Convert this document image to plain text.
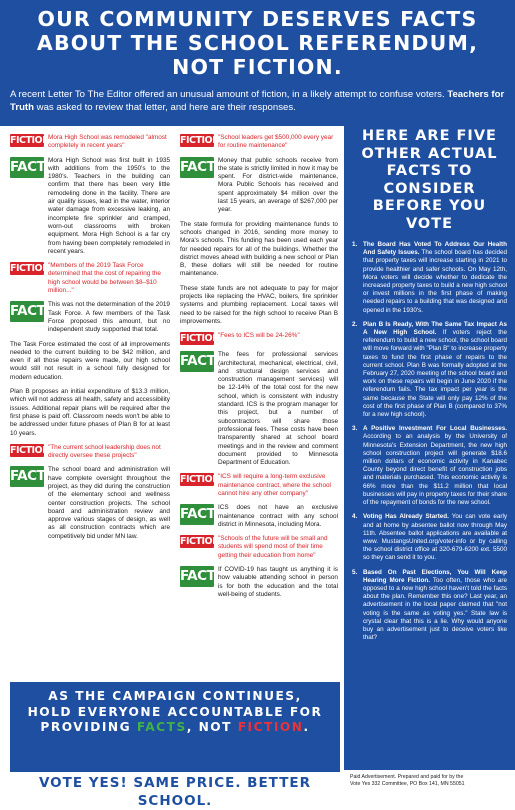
OUR COMMUNITY DESERVES FACTS ABOUT THE SCHOOL REFERENDUM, NOT FICTION.
A recent Letter To The Editor offered an unusual amount of fiction, in a likely attempt to confuse voters. Teachers for Truth was asked to review that letter, and here are their responses.
FICTION
Mora High School was remodeled "almost completely in recent years"
FACT Mora High School was first built in 1935 with additions from the 1950's to the 1980's. Teachers in the building can confirm that there has been very little remodeling done in the facility. There are air quality issues, lead in the water, interior water damage from excessive leaking, an incomplete fire sprinkler and cramped, worn-out classrooms with broken equipment. Mora High School is a far cry from having been completely remodeled in recent years.
FICTION
"Members of the 2019 Task Force determined that the cost of repairing the high school would be between $8–$10 million..."
FACT This was not the determination of the 2019 Task Force. A few members of the Task Force proposed this amount, but no independent study supported that total.

The Task Force estimated the cost of all improvements needed to the current building to be $42 million, and even if all those repairs were made, our high school would still not result in a school fully designed for modern education.

Plan B proposes an initial expenditure of $13.3 million, which will not address all health, safety and accessibility issues. Additional repair plans will be required after the first phase is paid off. Classroom needs won't be able to be addressed under future phases of Plan B for at least 10 years.

FICTION
"The current school leadership does not directly oversee these projects"
FACT The school board and administration will have complete oversight throughout the project, as they did during the construction of the elementary school and wellness center construction projects. The school board and administration review and approve various stages of design, as well as all construction contracts which are competitively bid under MN law.
FICTION
"School leaders get $500,000 every year for routine maintenance"
FACT Money that public schools receive from the state is strictly limited in how it may be spent. For district-wide maintenance, Mora Public Schools has received and spent approximately $4 million over the last 15 years, an average of $267,000 per year.

The state formula for providing maintenance funds to schools changed in 2016, sending more money to Mora's schools. This funding has been used each year for needed repairs for all of the buildings. Whether the district moves ahead with building a new school or Plan B, these dollars will still be needed for routine maintenance.

These state funds are not adequate to pay for major projects like replacing the HVAC, boilers, fire sprinkler systems and plumbing replacement. Local taxes will need to be raised for the high school to receive Plan B improvements.

FICTION
"Fees to ICS will be 24-26%"
FACT The fees for professional services (architectural, mechanical, electrical, civil, and structural design services and construction management services) will be 12-14% of the total cost for the new school, which is consistent with industry standard. ICS is the program manager for this project, but a number of subcontractors will share those professional fees. These costs have been transparently shared at school board meetings and in the review and comment document provided to Minnesota Department of Education.
FICTION
"ICS will require a long-term exclusive maintenance contract, where the school cannot hire any other company"
FACT ICS does not have an exclusive maintenance contract with any school district in Minnesota, including Mora.
FICTION
"Schools of the future will be small and students will spend most of their time getting their education from home"
FACT If COVID-19 has taught us anything it is how valuable attending school in person is for both the education and the total well-being of students.
HERE ARE FIVE OTHER ACTUAL FACTS TO CONSIDER BEFORE YOU VOTE
1. The Board Has Voted To Address Our Health And Safety Issues. The school board has decided that property taxes will increase starting in 2021 to provide healthier and safer schools. On May 12th, Mora voters will decide whether to dedicate the increased property taxes to build a new high school or invest millions in the first phase of making needed repairs to a building that was designed and opened in the 1930's.
2. Plan B Is Ready, With The Same Tax Impact As A New High School. If voters reject the referendum to build a new school, the school board will move forward with "Plan B" to increase property taxes to fund the first phase of repairs to the current school. Plan B was formally adopted at the February 27, 2020 meeting of the school board and work on these repairs will begin in June 2020 if the referendum fails. The tax impact per year is the same because the State will only pay 12% of the cost of the first phase of Plan B (compared to 37% for a new high school).
3. A Positive Investment For Local Businesses. According to an analysis by the University of Minnesota's Extension Department, the new high school construction project will generate $18.6 million dollars of economic activity in Kanabec County beyond direct benefit of construction jobs and materials purchased. This economic activity is 66% more than the $11.2 million that local businesses will pay in property taxes for their share of the repayment of bonds for the new school.
4. Voting Has Already Started. You can vote early and at home by absentee ballot now through May 11th. Absentee ballot applications are available at www. MustangsUnited.org/voter-info or by calling the school district office at 320-679-6200 ext. 5500 so they can send it to you.
5. Based On Past Elections, You Will Keep Hearing More Fiction. Too often, those who are opposed to a new high school haven't told the facts about the plan. Remember this one? Last year, an advertisement in the local paper claimed that "not voting is the same as voting yes." State law is crystal clear that this is a lie. Why would anyone buy an advertisement just to deceive voters like that?
AS THE CAMPAIGN CONTINUES,
HOLD EVERYONE ACCOUNTABLE FOR
PROVIDING FACTS, NOT FICTION.
VOTE YES! SAME PRICE. BETTER SCHOOL.
Paid Advertisement. Prepared and paid for by the
Vote Yes 332 Committee, PO Box 141, MN 55051
